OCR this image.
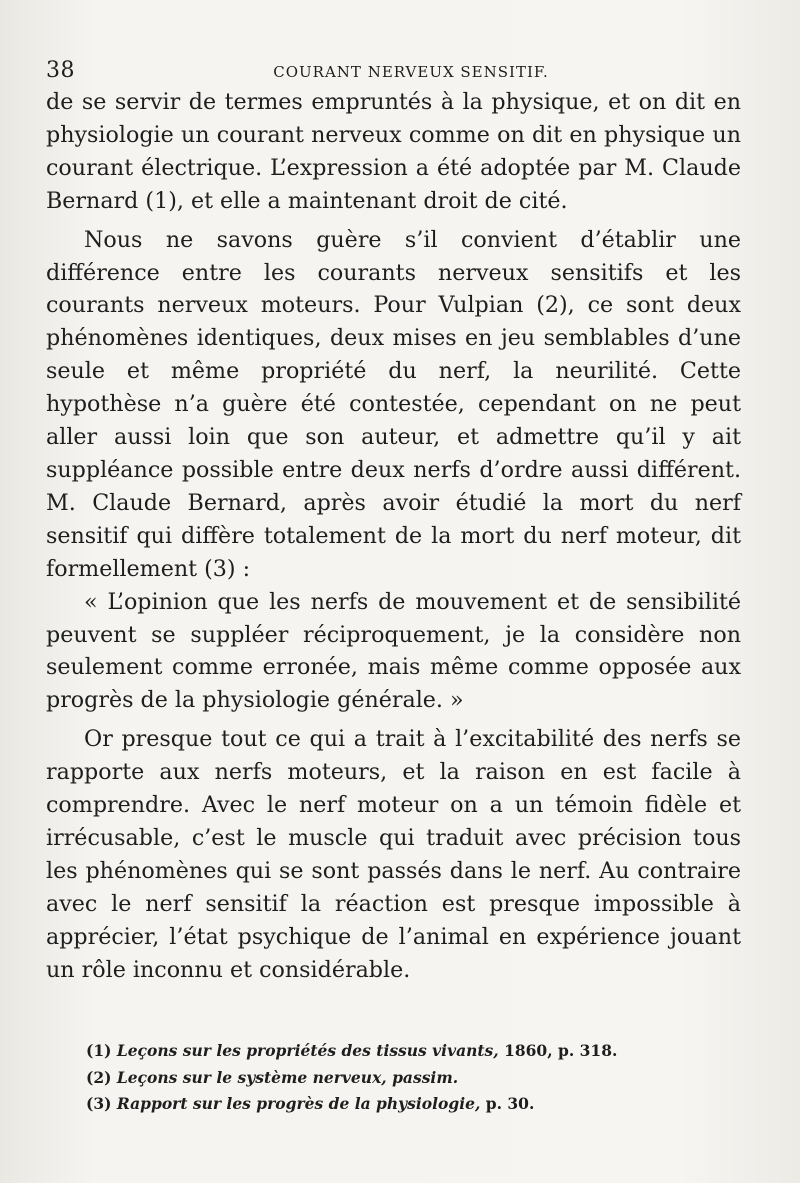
38	COURANT NERVEUX SENSITIF.

de se servir de termes empruntés à la physique, et on dit en physiologie un courant nerveux comme on dit en physique un courant électrique. L’expression a été adoptée par M. Claude Bernard (1), et elle a maintenant droit de cité.

Nous ne savons guère s’il convient d’établir une différence entre les courants nerveux sensitifs et les courants nerveux moteurs. Pour Vulpian (2), ce sont deux phénomènes identiques, deux mises en jeu semblables d’une seule et même propriété du nerf, la neurilité. Cette hypothèse n’a guère été contestée, cependant on ne peut aller aussi loin que son auteur, et admettre qu’il y ait suppléance possible entre deux nerfs d’ordre aussi différent. M. Claude Bernard, après avoir étudié la mort du nerf sensitif qui diffère totalement de la mort du nerf moteur, dit formellement (3) :

« L’opinion que les nerfs de mouvement et de sensibilité peuvent se suppléer réciproquement, je la considère non seulement comme erronée, mais même comme opposée aux progrès de la physiologie générale. »

Or presque tout ce qui a trait à l’excitabilité des nerfs se rapporte aux nerfs moteurs, et la raison en est facile à comprendre. Avec le nerf moteur on a un témoin fidèle et irrécusable, c’est le muscle qui traduit avec précision tous les phénomènes qui se sont passés dans le nerf. Au contraire avec le nerf sensitif la réaction est presque impossible à apprécier, l’état psychique de l’animal en expérience jouant un rôle inconnu et considérable.

(1) Leçons sur les propriétés des tissus vivants, 1860, p. 318.

(2) Leçons sur le système nerveux, passim.

(3) Rapport sur les progrès de la physiologie, p. 30.
